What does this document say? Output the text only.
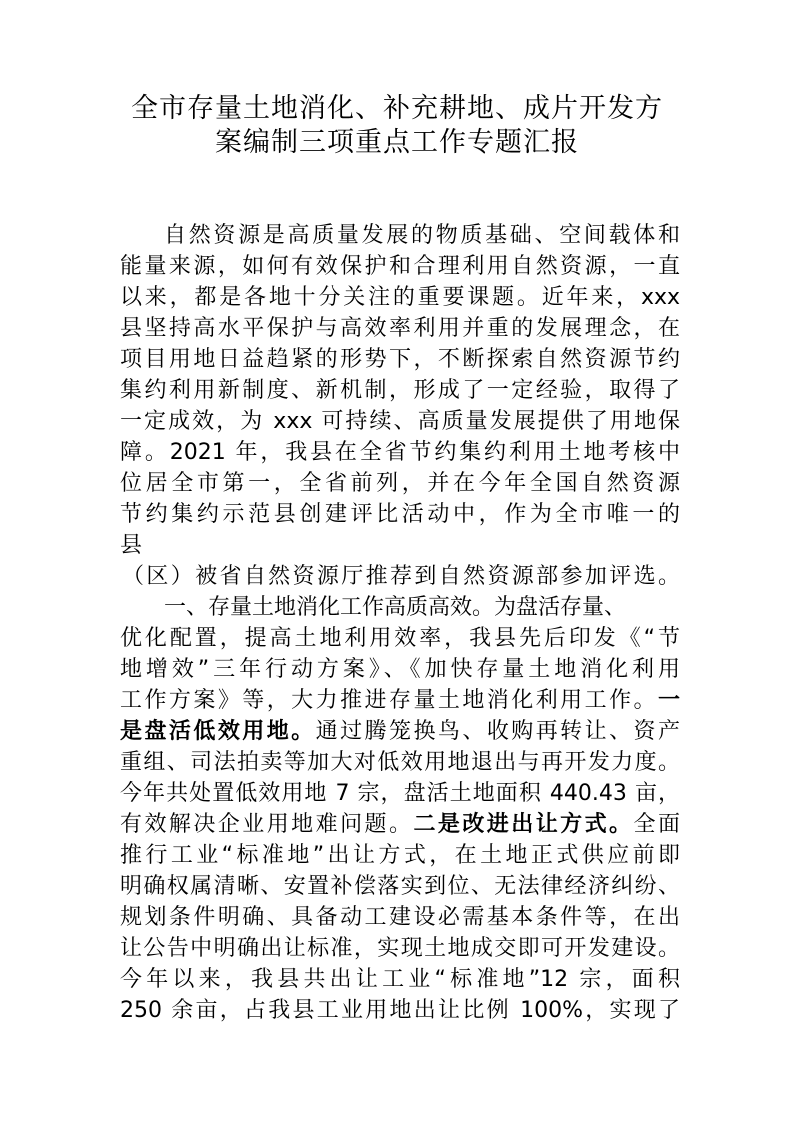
全市存量土地消化、补充耕地、成片开发方
案编制三项重点工作专题汇报
自然资源是高质量发展的物质基础、空间载体和
能量来源，如何有效保护和合理利用自然资源，一直
以来，都是各地十分关注的重要课题。近年来，xxx
县坚持高水平保护与高效率利用并重的发展理念，在
项目用地日益趋紧的形势下，不断探索自然资源节约
集约利用新制度、新机制，形成了一定经验，取得了
一定成效，为 xxx 可持续、高质量发展提供了用地保
障。2021 年，我县在全省节约集约利用土地考核中
位居全市第一，全省前列，并在今年全国自然资源
节约集约示范县创建评比活动中，作为全市唯一的
县
（区）被省自然资源厅推荐到自然资源部参加评选。
一、存量土地消化工作高质高效。为盘活存量、
优化配置，提高土地利用效率，我县先后印发《“节
地增效”三年行动方案》、《加快存量土地消化利用
工作方案》等，大力推进存量土地消化利用工作。一
是盘活低效用地。通过腾笼换鸟、收购再转让、资产
重组、司法拍卖等加大对低效用地退出与再开发力度。
今年共处置低效用地 7 宗，盘活土地面积 440.43 亩，
有效解决企业用地难问题。二是改进出让方式。全面
推行工业“标准地”出让方式，在土地正式供应前即
明确权属清晰、安置补偿落实到位、无法律经济纠纷、
规划条件明确、具备动工建设必需基本条件等，在出
让公告中明确出让标准，实现土地成交即可开发建设。
今年以来，我县共出让工业“标准地”12 宗，面积
250 余亩，占我县工业用地出让比例 100%，实现了
